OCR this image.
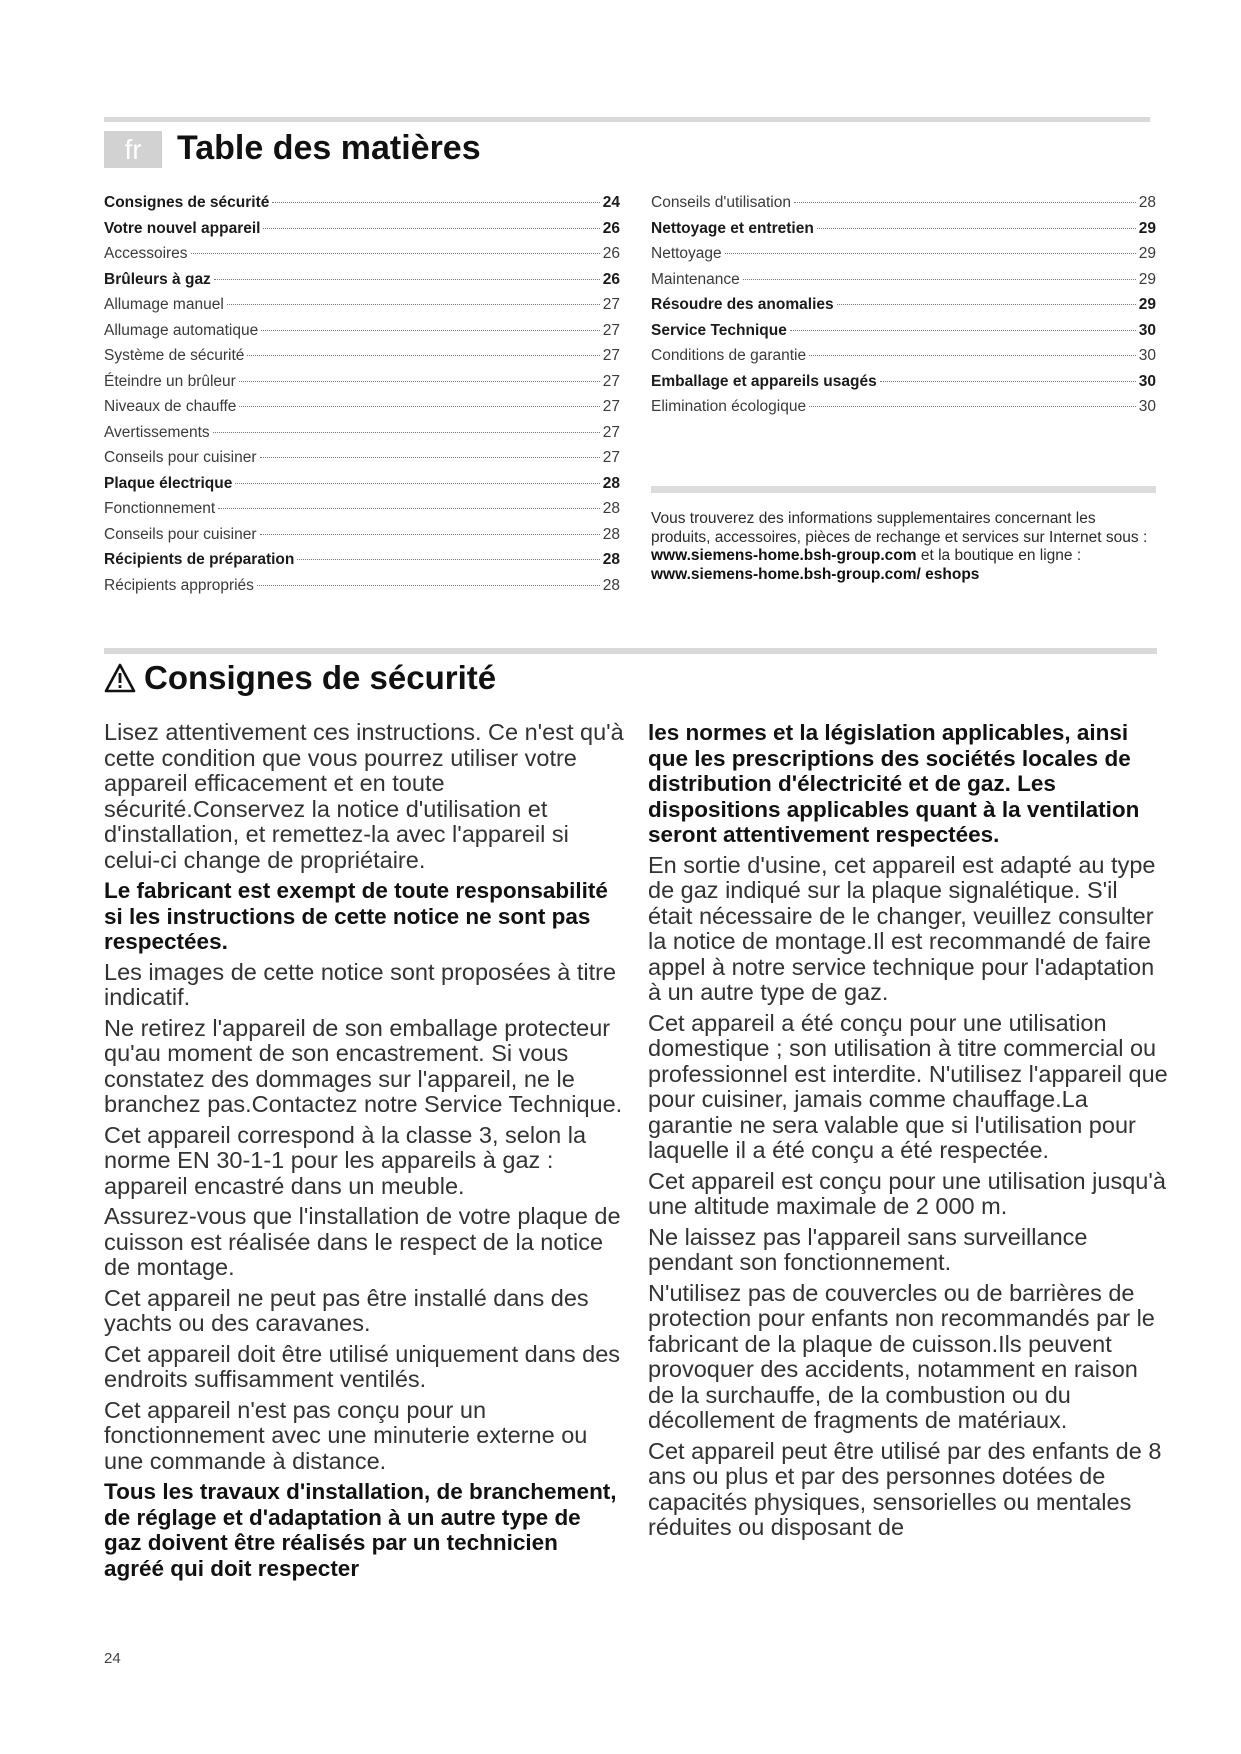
fr	Table des matières
Consignes de sécurité	24
Votre nouvel appareil	26
Accessoires	26
Brûleurs à gaz	26
Allumage manuel	27
Allumage automatique	27
Système de sécurité	27
Éteindre un brûleur	27
Niveaux de chauffe	27
Avertissements	27
Conseils pour cuisiner	27
Plaque électrique	28
Fonctionnement	28
Conseils pour cuisiner	28
Récipients de préparation	28
Récipients appropriés	28
Conseils d'utilisation	28
Nettoyage et entretien	29
Nettoyage	29
Maintenance	29
Résoudre des anomalies	29
Service Technique	30
Conditions de garantie	30
Emballage et appareils usagés	30
Elimination écologique	30

Vous trouverez des informations supplementaires concernant les produits, accessoires, pièces de rechange et services sur Internet sous : www.siemens-home.bsh-group.com et la boutique en ligne : www.siemens-home.bsh-group.com/ eshops

Consignes de sécurité

Lisez attentivement ces instructions. Ce n'est qu'à cette condition que vous pourrez utiliser votre appareil efficacement et en toute sécurité.Conservez la notice d'utilisation et d'installation, et remettez-la avec l'appareil si celui-ci change de propriétaire.

Le fabricant est exempt de toute responsabilité si les instructions de cette notice ne sont pas respectées.

Les images de cette notice sont proposées à titre indicatif.

Ne retirez l'appareil de son emballage protecteur qu'au moment de son encastrement. Si vous constatez des dommages sur l'appareil, ne le branchez pas.Contactez notre Service Technique.

Cet appareil correspond à la classe 3, selon la norme EN 30-1-1 pour les appareils à gaz : appareil encastré dans un meuble.

Assurez-vous que l'installation de votre plaque de cuisson est réalisée dans le respect de la notice de montage.

Cet appareil ne peut pas être installé dans des yachts ou des caravanes.

Cet appareil doit être utilisé uniquement dans des endroits suffisamment ventilés.

Cet appareil n'est pas conçu pour un fonctionnement avec une minuterie externe ou une commande à distance.

Tous les travaux d'installation, de branchement, de réglage et d'adaptation à un autre type de gaz doivent être réalisés par un technicien agréé qui doit respecter

les normes et la législation applicables, ainsi que les prescriptions des sociétés locales de distribution d'électricité et de gaz. Les dispositions applicables quant à la ventilation seront attentivement respectées.

En sortie d'usine, cet appareil est adapté au type de gaz indiqué sur la plaque signalétique. S'il était nécessaire de le changer, veuillez consulter la notice de montage.Il est recommandé de faire appel à notre service technique pour l'adaptation à un autre type de gaz.

Cet appareil a été conçu pour une utilisation domestique ; son utilisation à titre commercial ou professionnel est interdite. N'utilisez l'appareil que pour cuisiner, jamais comme chauffage.La garantie ne sera valable que si l'utilisation pour laquelle il a été conçu a été respectée.

Cet appareil est conçu pour une utilisation jusqu'à une altitude maximale de 2 000 m.

Ne laissez pas l'appareil sans surveillance pendant son fonctionnement.

N'utilisez pas de couvercles ou de barrières de protection pour enfants non recommandés par le fabricant de la plaque de cuisson.Ils peuvent provoquer des accidents, notamment en raison de la surchauffe, de la combustion ou du décollement de fragments de matériaux.

Cet appareil peut être utilisé par des enfants de 8 ans ou plus et par des personnes dotées de capacités physiques, sensorielles ou mentales réduites ou disposant de

24
